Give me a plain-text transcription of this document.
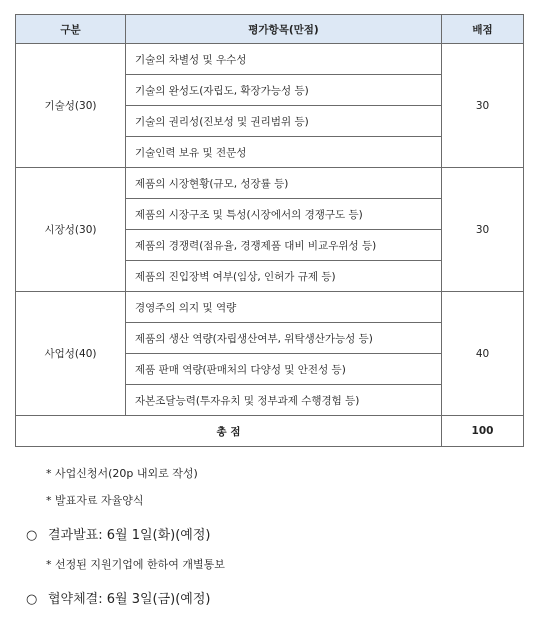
구분	평가항목(만점)	배점
기술성(30)	기술의 차별성 및 우수성	30
	기술의 완성도(자립도, 확장가능성 등)	
	기술의 권리성(진보성 및 권리범위 등)	
	기술인력 보유 및 전문성	
시장성(30)	제품의 시장현황(규모, 성장률 등)	30
	제품의 시장구조 및 특성(시장에서의 경쟁구도 등)	
	제품의 경쟁력(점유율, 경쟁제품 대비 비교우위성 등)	
	제품의 진입장벽 여부(임상, 인허가 규제 등)	
사업성(40)	경영주의 의지 및 역량	40
	제품의 생산 역량(자립생산여부, 위탁생산가능성 등)	
	제품 판매 역량(판매처의 다양성 및 안전성 등)	
	자본조달능력(투자유치 및 정부과제 수행경험 등)	
총 점		100
* 사업신청서(20p 내외로 작성)
* 발표자료 자율양식
○ 결과발표: 6월 1일(화)(예정)
* 선정된 지원기업에 한하여 개별통보
○ 협약체결: 6월 3일(금)(예정)
